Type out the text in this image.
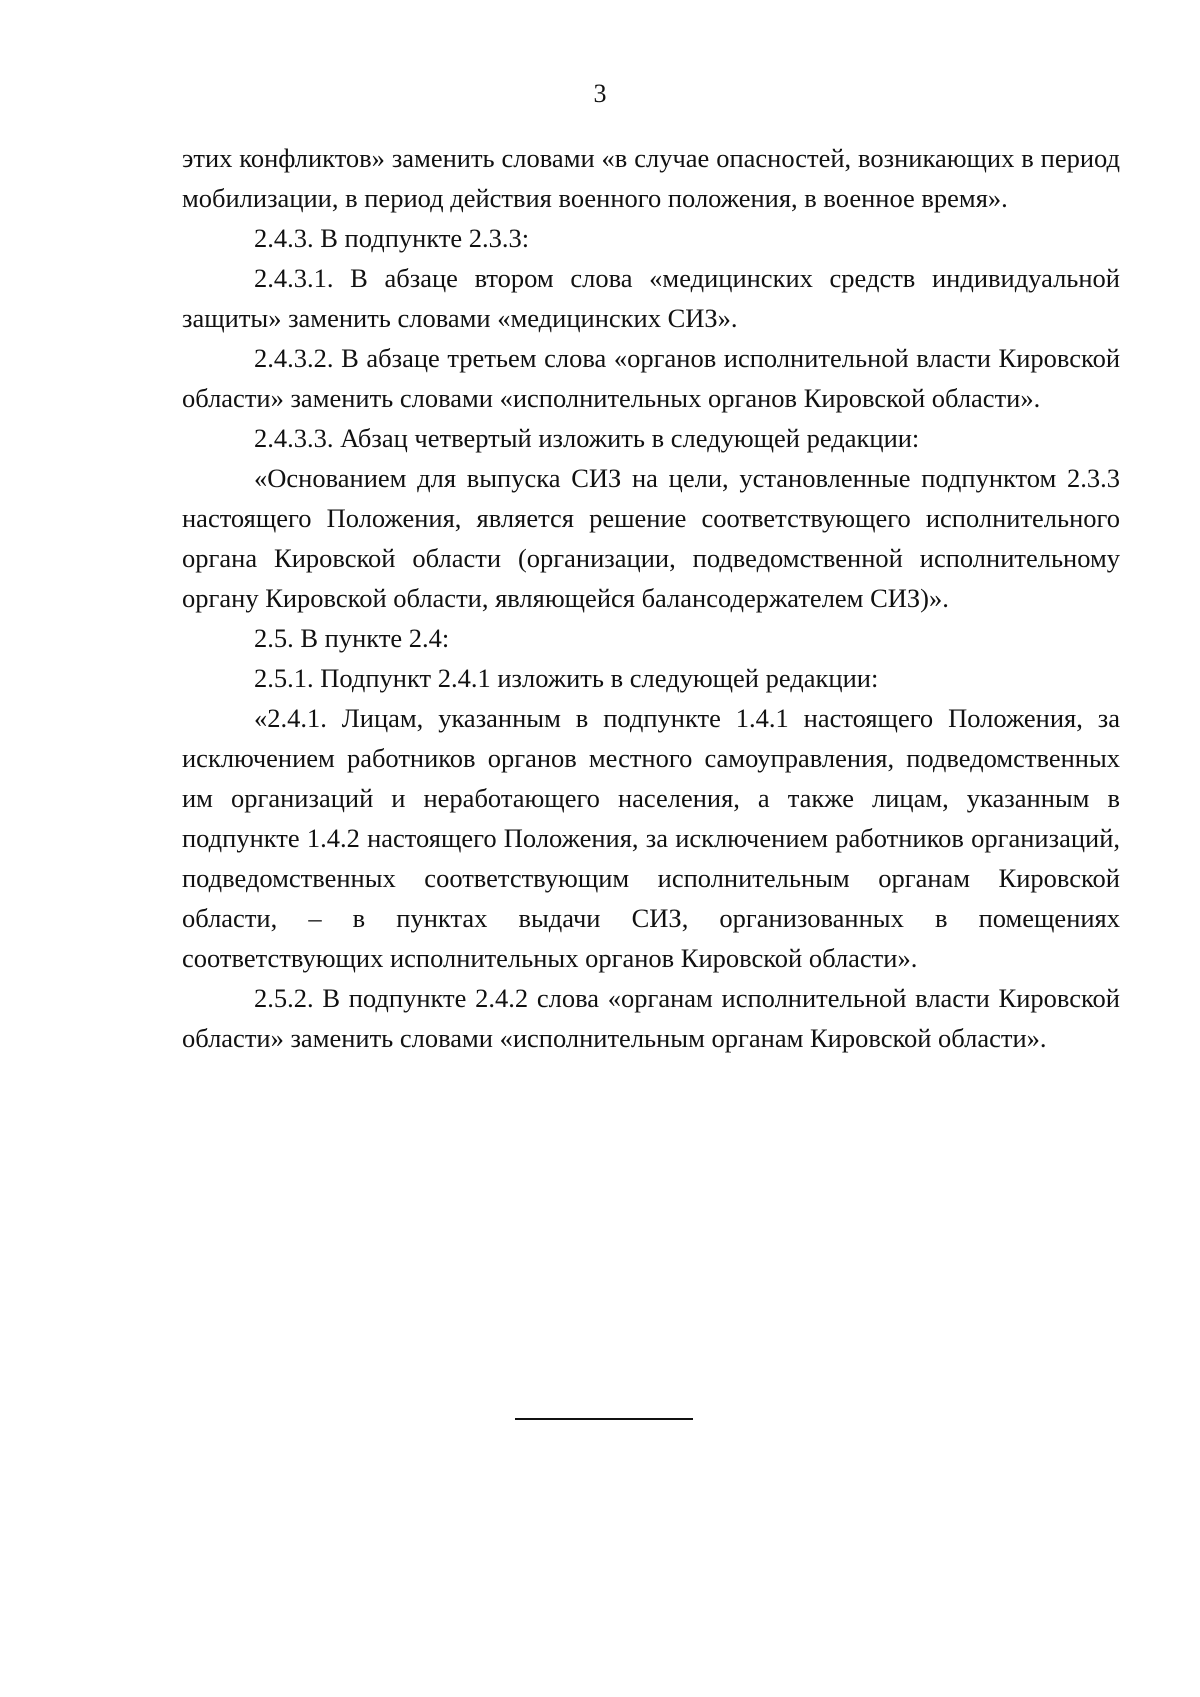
3

этих конфликтов» заменить словами «в случае опасностей, возникающих в период мобилизации, в период действия военного положения, в военное время».

2.4.3. В подпункте 2.3.3:

2.4.3.1. В абзаце втором слова «медицинских средств индивидуальной защиты» заменить словами «медицинских СИЗ».

2.4.3.2. В абзаце третьем слова «органов исполнительной власти Кировской области» заменить словами «исполнительных органов Кировской области».

2.4.3.3. Абзац четвертый изложить в следующей редакции:

«Основанием для выпуска СИЗ на цели, установленные подпунктом 2.3.3 настоящего Положения, является решение соответствующего исполнительного органа Кировской области (организации, подведомственной исполнительному органу Кировской области, являющейся балансодержателем СИЗ)».

2.5. В пункте 2.4:

2.5.1. Подпункт 2.4.1 изложить в следующей редакции:

«2.4.1. Лицам, указанным в подпункте 1.4.1 настоящего Положения, за исключением работников органов местного самоуправления, подведомственных им организаций и неработающего населения, а также лицам, указанным в подпункте 1.4.2 настоящего Положения, за исключением работников организаций, подведомственных соответствующим исполнительным органам Кировской области, – в пунктах выдачи СИЗ, организованных в помещениях соответствующих исполнительных органов Кировской области».

2.5.2. В подпункте 2.4.2 слова «органам исполнительной власти Кировской области» заменить словами «исполнительным органам Кировской области».
